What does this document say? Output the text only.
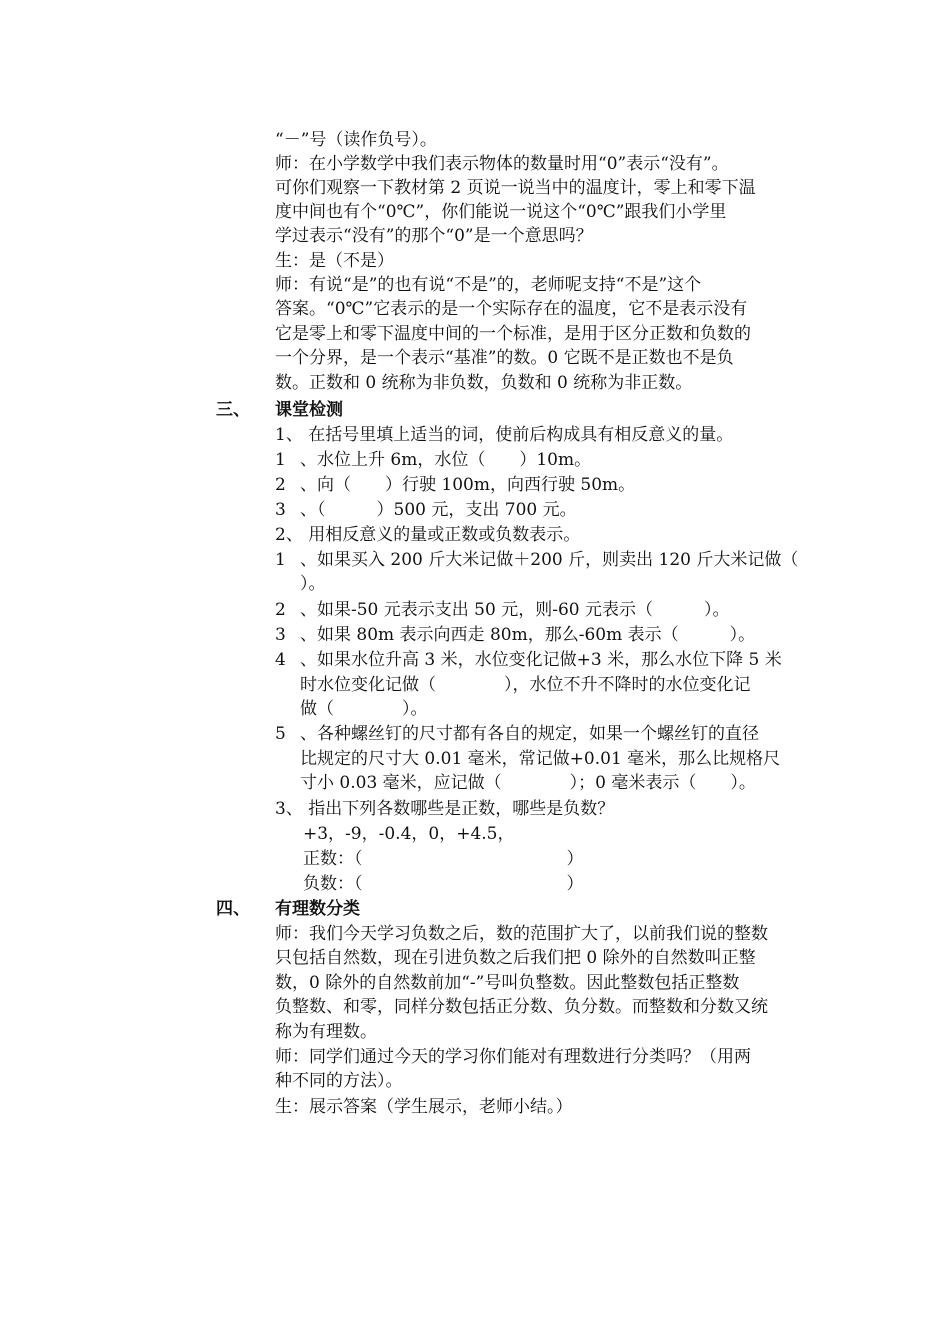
“－”号（读作负号）。
师：在小学数学中我们表示物体的数量时用“0”表示“没有”。
可你们观察一下教材第 2 页说一说当中的温度计，零上和零下温
度中间也有个“0℃”，你们能说一说这个“0℃”跟我们小学里
学过表示“没有”的那个“0”是一个意思吗？
生：是（不是）
师：有说“是”的也有说“不是”的，老师呢支持“不是”这个
答案。“0℃”它表示的是一个实际存在的温度，它不是表示没有
它是零上和零下温度中间的一个标准，是用于区分正数和负数的
一个分界，是一个表示“基准”的数。0 它既不是正数也不是负
数。正数和 0 统称为非负数，负数和 0 统称为非正数。
三、 课堂检测
1、 在括号里填上适当的词，使前后构成具有相反意义的量。
1 、水位上升 6m，水位（　　）10m。
2 、向（　　）行驶 100m，向西行驶 50m。
3 、（　　　）500 元，支出 700 元。
2、 用相反意义的量或正数或负数表示。
1 、如果买入 200 斤大米记做＋200 斤，则卖出 120 斤大米记做（
）。
2 、如果-50 元表示支出 50 元，则-60 元表示（　　　）。
3 、如果 80m 表示向西走 80m，那么-60m 表示（　　　）。
4 、如果水位升高 3 米，水位变化记做+3 米，那么水位下降 5 米
时水位变化记做（　　　　），水位不升不降时的水位变化记
做（　　　　）。
5 、各种螺丝钉的尺寸都有各自的规定，如果一个螺丝钉的直径
比规定的尺寸大 0.01 毫米，常记做+0.01 毫米，那么比规格尺
寸小 0.03 毫米，应记做（　　　　）；0 毫米表示（　　）。
3、 指出下列各数哪些是正数，哪些是负数？
+3，-9，-0.4，0，+4.5，
正数：（　　　　　　　　　　　　）
负数：（　　　　　　　　　　　　）
四、 有理数分类
师：我们今天学习负数之后，数的范围扩大了，以前我们说的整数
只包括自然数，现在引进负数之后我们把 0 除外的自然数叫正整
数，0 除外的自然数前加“-”号叫负整数。因此整数包括正整数
负整数、和零，同样分数包括正分数、负分数。而整数和分数又统
称为有理数。
师：同学们通过今天的学习你们能对有理数进行分类吗？（用两
种不同的方法）。
生：展示答案（学生展示，老师小结。）
